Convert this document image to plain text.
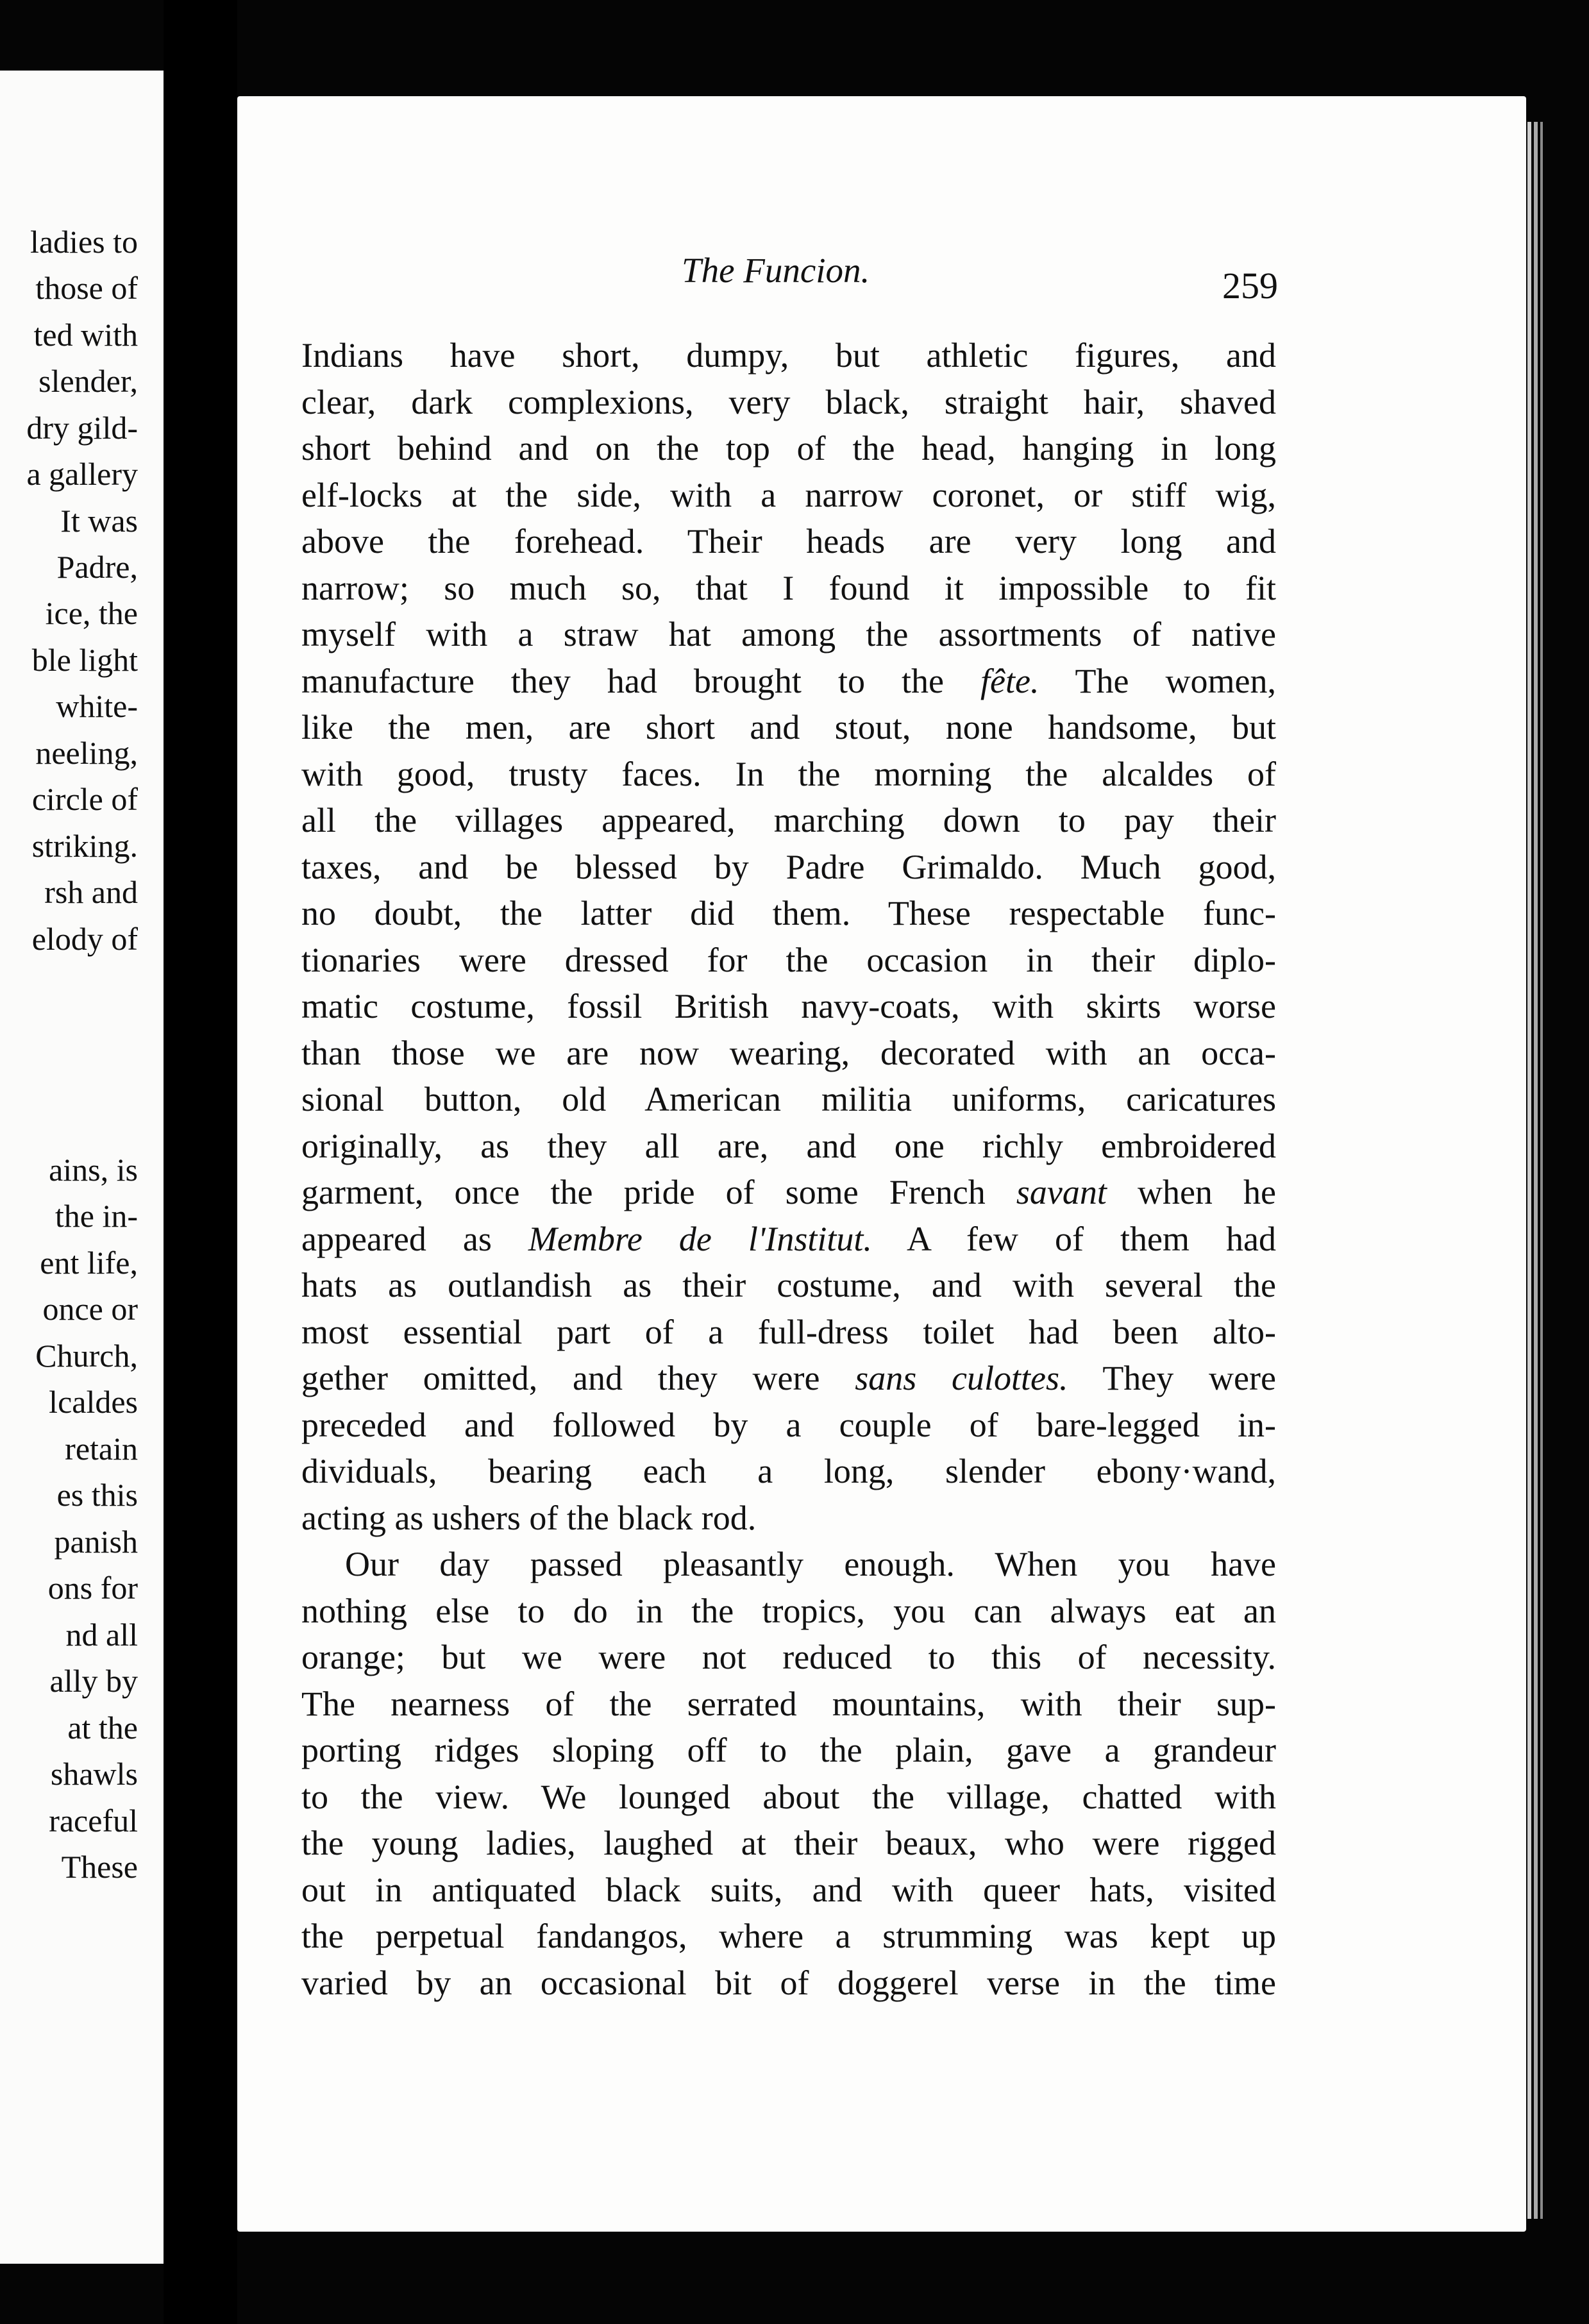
ladies to
those of
ted with
slender,
dry gild-
a gallery
It was
Padre,
ice, the
ble light
white-
neeling,
circle of
striking.
rsh and
elody of
ains, is
the in-
ent life,
once or
Church,
lcaldes
retain
es this
panish
ons for
nd all
ally by
at the
shawls
raceful
These
The Funcion.	259
Indians have short, dumpy, but athletic figures, and
clear, dark complexions, very black, straight hair, shaved
short behind and on the top of the head, hanging in long
elf-locks at the side, with a narrow coronet, or stiff wig,
above the forehead. Their heads are very long and
narrow; so much so, that I found it impossible to fit
myself with a straw hat among the assortments of native
manufacture they had brought to the fête. The women,
like the men, are short and stout, none handsome, but
with good, trusty faces. In the morning the alcaldes of
all the villages appeared, marching down to pay their
taxes, and be blessed by Padre Grimaldo. Much good,
no doubt, the latter did them. These respectable func-
tionaries were dressed for the occasion in their diplo-
matic costume, fossil British navy-coats, with skirts worse
than those we are now wearing, decorated with an occa-
sional button, old American militia uniforms, caricatures
originally, as they all are, and one richly embroidered
garment, once the pride of some French savant when he
appeared as Membre de l'Institut. A few of them had
hats as outlandish as their costume, and with several the
most essential part of a full-dress toilet had been alto-
gether omitted, and they were sans culottes. They were
preceded and followed by a couple of bare-legged in-
dividuals, bearing each a long, slender ebony·wand,
acting as ushers of the black rod.
Our day passed pleasantly enough. When you have
nothing else to do in the tropics, you can always eat an
orange; but we were not reduced to this of necessity.
The nearness of the serrated mountains, with their sup-
porting ridges sloping off to the plain, gave a grandeur
to the view. We lounged about the village, chatted with
the young ladies, laughed at their beaux, who were rigged
out in antiquated black suits, and with queer hats, visited
the perpetual fandangos, where a strumming was kept up
varied by an occasional bit of doggerel verse in the time
